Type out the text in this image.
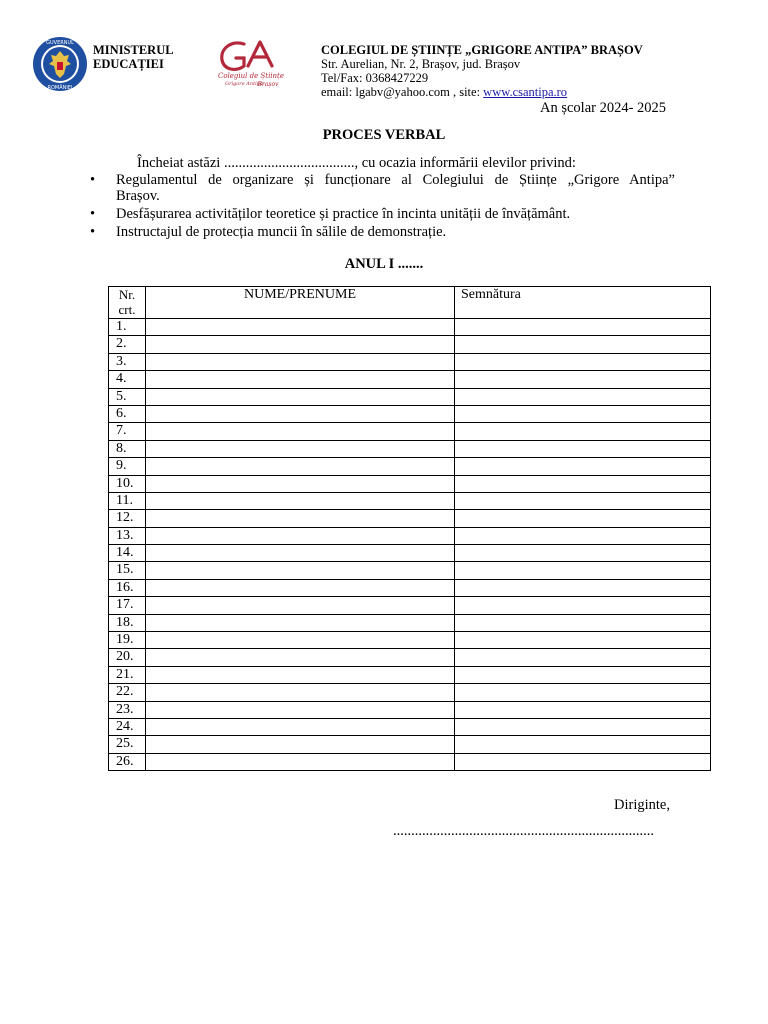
GUVERNUL
ROMÂNIEI
MINISTERUL
EDUCAȚIEI
Colegiul de Științe
Grigore Antipa
Brașov
COLEGIUL DE ȘTIINȚE „GRIGORE ANTIPA” BRAȘOV
Str. Aurelian, Nr. 2, Brașov, jud. Brașov
Tel/Fax: 0368427229
email: lgabv@yahoo.com , site: www.csantipa.ro
An școlar 2024- 2025
PROCES VERBAL
Încheiat astăzi ...................................., cu ocazia informării elevilor privind:
• Regulamentul de organizare și funcționare al Colegiului de Științe „Grigore Antipa”
Brașov.
• Desfășurarea activităților teoretice și practice în incinta unității de învățământ.
• Instructajul de protecția muncii în sălile de demonstrație.
ANUL I .......
Nr. crt.	NUME/PRENUME	Semnătura
1.		
2.		
3.		
4.		
5.		
6.		
7.		
8.		
9.		
10.		
11.		
12.		
13.		
14.		
15.		
16.		
17.		
18.		
19.		
20.		
21.		
22.		
23.		
24.		
25.		
26.		
Diriginte,
........................................................................
